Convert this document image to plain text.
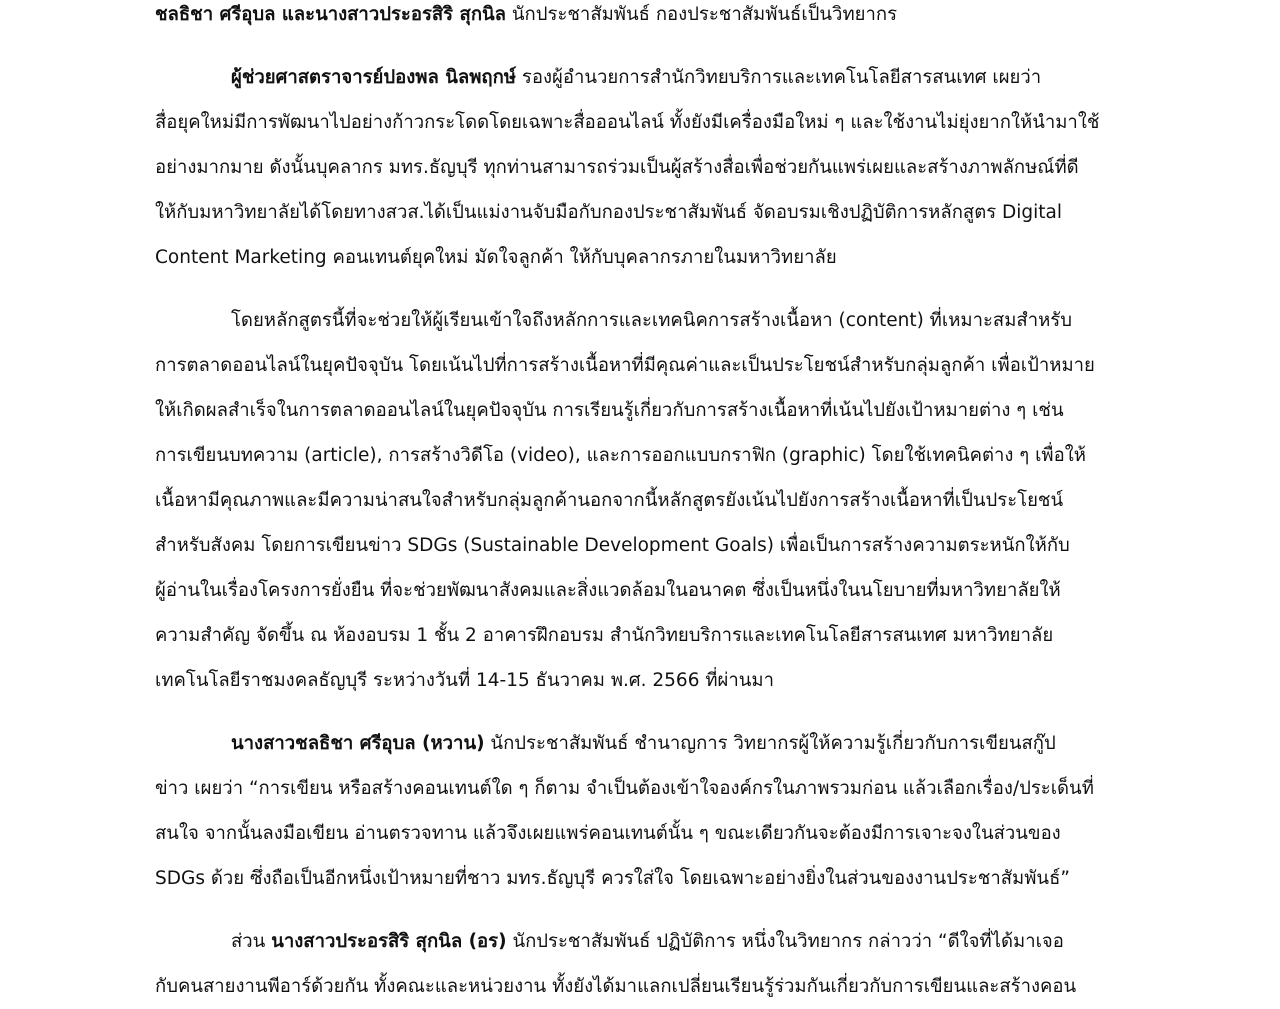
ชลธิชา ศรีอุบล และนางสาวประอรสิริ สุกนิล นักประชาสัมพันธ์ กองประชาสัมพันธ์เป็นวิทยากร

ผู้ช่วยศาสตราจารย์ปองพล นิลพฤกษ์ รองผู้อำนวยการสำนักวิทยบริการและเทคโนโลยีสารสนเทศ เผยว่า
สื่อยุคใหม่มีการพัฒนาไปอย่างก้าวกระโดดโดยเฉพาะสื่อออนไลน์ ทั้งยังมีเครื่องมือใหม่ ๆ และใช้งานไม่ยุ่งยากให้นำมาใช้
อย่างมากมาย ดังนั้นบุคลากร มทร.ธัญบุรี ทุกท่านสามารถร่วมเป็นผู้สร้างสื่อเพื่อช่วยกันแพร่เผยและสร้างภาพลักษณ์ที่ดี
ให้กับมหาวิทยาลัยได้โดยทางสวส.ได้เป็นแม่งานจับมือกับกองประชาสัมพันธ์ จัดอบรมเชิงปฏิบัติการหลักสูตร Digital
Content Marketing คอนเทนต์ยุคใหม่ มัดใจลูกค้า ให้กับบุคลากรภายในมหาวิทยาลัย

โดยหลักสูตรนี้ที่จะช่วยให้ผู้เรียนเข้าใจถึงหลักการและเทคนิคการสร้างเนื้อหา (content) ที่เหมาะสมสำหรับ
การตลาดออนไลน์ในยุคปัจจุบัน โดยเน้นไปที่การสร้างเนื้อหาที่มีคุณค่าและเป็นประโยชน์สำหรับกลุ่มลูกค้า เพื่อเป้าหมาย
ให้เกิดผลสำเร็จในการตลาดออนไลน์ในยุคปัจจุบัน การเรียนรู้เกี่ยวกับการสร้างเนื้อหาที่เน้นไปยังเป้าหมายต่าง ๆ เช่น
การเขียนบทความ (article), การสร้างวิดีโอ (video), และการออกแบบกราฟิก (graphic) โดยใช้เทคนิคต่าง ๆ เพื่อให้
เนื้อหามีคุณภาพและมีความน่าสนใจสำหรับกลุ่มลูกค้านอกจากนี้หลักสูตรยังเน้นไปยังการสร้างเนื้อหาที่เป็นประโยชน์
สำหรับสังคม โดยการเขียนข่าว SDGs (Sustainable Development Goals) เพื่อเป็นการสร้างความตระหนักให้กับ
ผู้อ่านในเรื่องโครงการยั่งยืน ที่จะช่วยพัฒนาสังคมและสิ่งแวดล้อมในอนาคต ซึ่งเป็นหนึ่งในนโยบายที่มหาวิทยาลัยให้
ความสำคัญ จัดขึ้น ณ ห้องอบรม 1 ชั้น 2 อาคารฝึกอบรม สำนักวิทยบริการและเทคโนโลยีสารสนเทศ มหาวิทยาลัย
เทคโนโลยีราชมงคลธัญบุรี ระหว่างวันที่ 14-15 ธันวาคม พ.ศ. 2566 ที่ผ่านมา

นางสาวชลธิชา ศรีอุบล (หวาน) นักประชาสัมพันธ์ ชำนาญการ วิทยากรผู้ให้ความรู้เกี่ยวกับการเขียนสกู๊ป
ข่าว เผยว่า “การเขียน หรือสร้างคอนเทนต์ใด ๆ ก็ตาม จำเป็นต้องเข้าใจองค์กรในภาพรวมก่อน แล้วเลือกเรื่อง/ประเด็นที่
สนใจ จากนั้นลงมือเขียน อ่านตรวจทาน แล้วจึงเผยแพร่คอนเทนต์นั้น ๆ ขณะเดียวกันจะต้องมีการเจาะจงในส่วนของ
SDGs ด้วย ซึ่งถือเป็นอีกหนึ่งเป้าหมายที่ชาว มทร.ธัญบุรี ควรใส่ใจ โดยเฉพาะอย่างยิ่งในส่วนของงานประชาสัมพันธ์”

ส่วน นางสาวประอรสิริ สุกนิล (อร) นักประชาสัมพันธ์ ปฏิบัติการ หนึ่งในวิทยากร กล่าวว่า “ดีใจที่ได้มาเจอ
กับคนสายงานพีอาร์ด้วยกัน ทั้งคณะและหน่วยงาน ทั้งยังได้มาแลกเปลี่ยนเรียนรู้ร่วมกันเกี่ยวกับการเขียนและสร้างคอน
